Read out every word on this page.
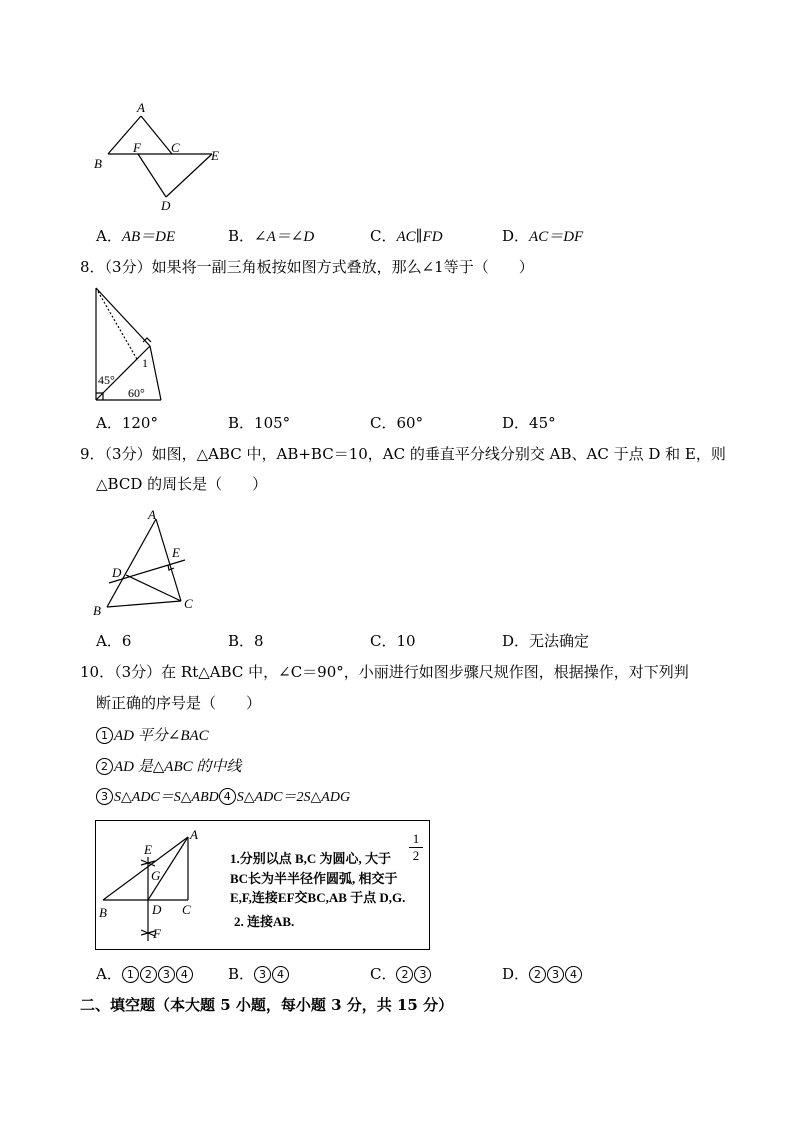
A
B
F C
E
D
A．AB＝DE	B．∠A＝∠D	C．AC∥FD	D．AC＝DF
8．（3分）如果将一副三角板按如图方式叠放，那么∠1等于（　　）
1
45°
60°
A．120°	B．105°	C．60°	D．45°
9．（3分）如图，△ABC 中，AB+BC＝10，AC 的垂直平分线分别交 AB、AC 于点 D 和 E，则
△BCD 的周长是（　　）
A
B	C
D
E
A．6	B．8	C．10	D．无法确定
10．（3分）在 Rt△ABC 中，∠C＝90°，小丽进行如图步骤尺规作图，根据操作，对下列判
断正确的序号是（　　）
1 AD 平分∠BAC
2 AD 是△ABC 的中线
3 S△ADC＝S△ABD 4 S△ADC＝2S△ADG
A
B	C
D
E
F
G
1.分别以点 B,C 为圆心, 大于
1
2
BC长为半半径作圆弧, 相交于
E,F,连接EF交BC,AB 于点 D,G.
2. 连接AB.
A． 1 2 3 4	B． 3 4	C． 2 3	D． 2 3 4
二、填空题（本大题 5 小题，每小题 3 分，共 15 分）
